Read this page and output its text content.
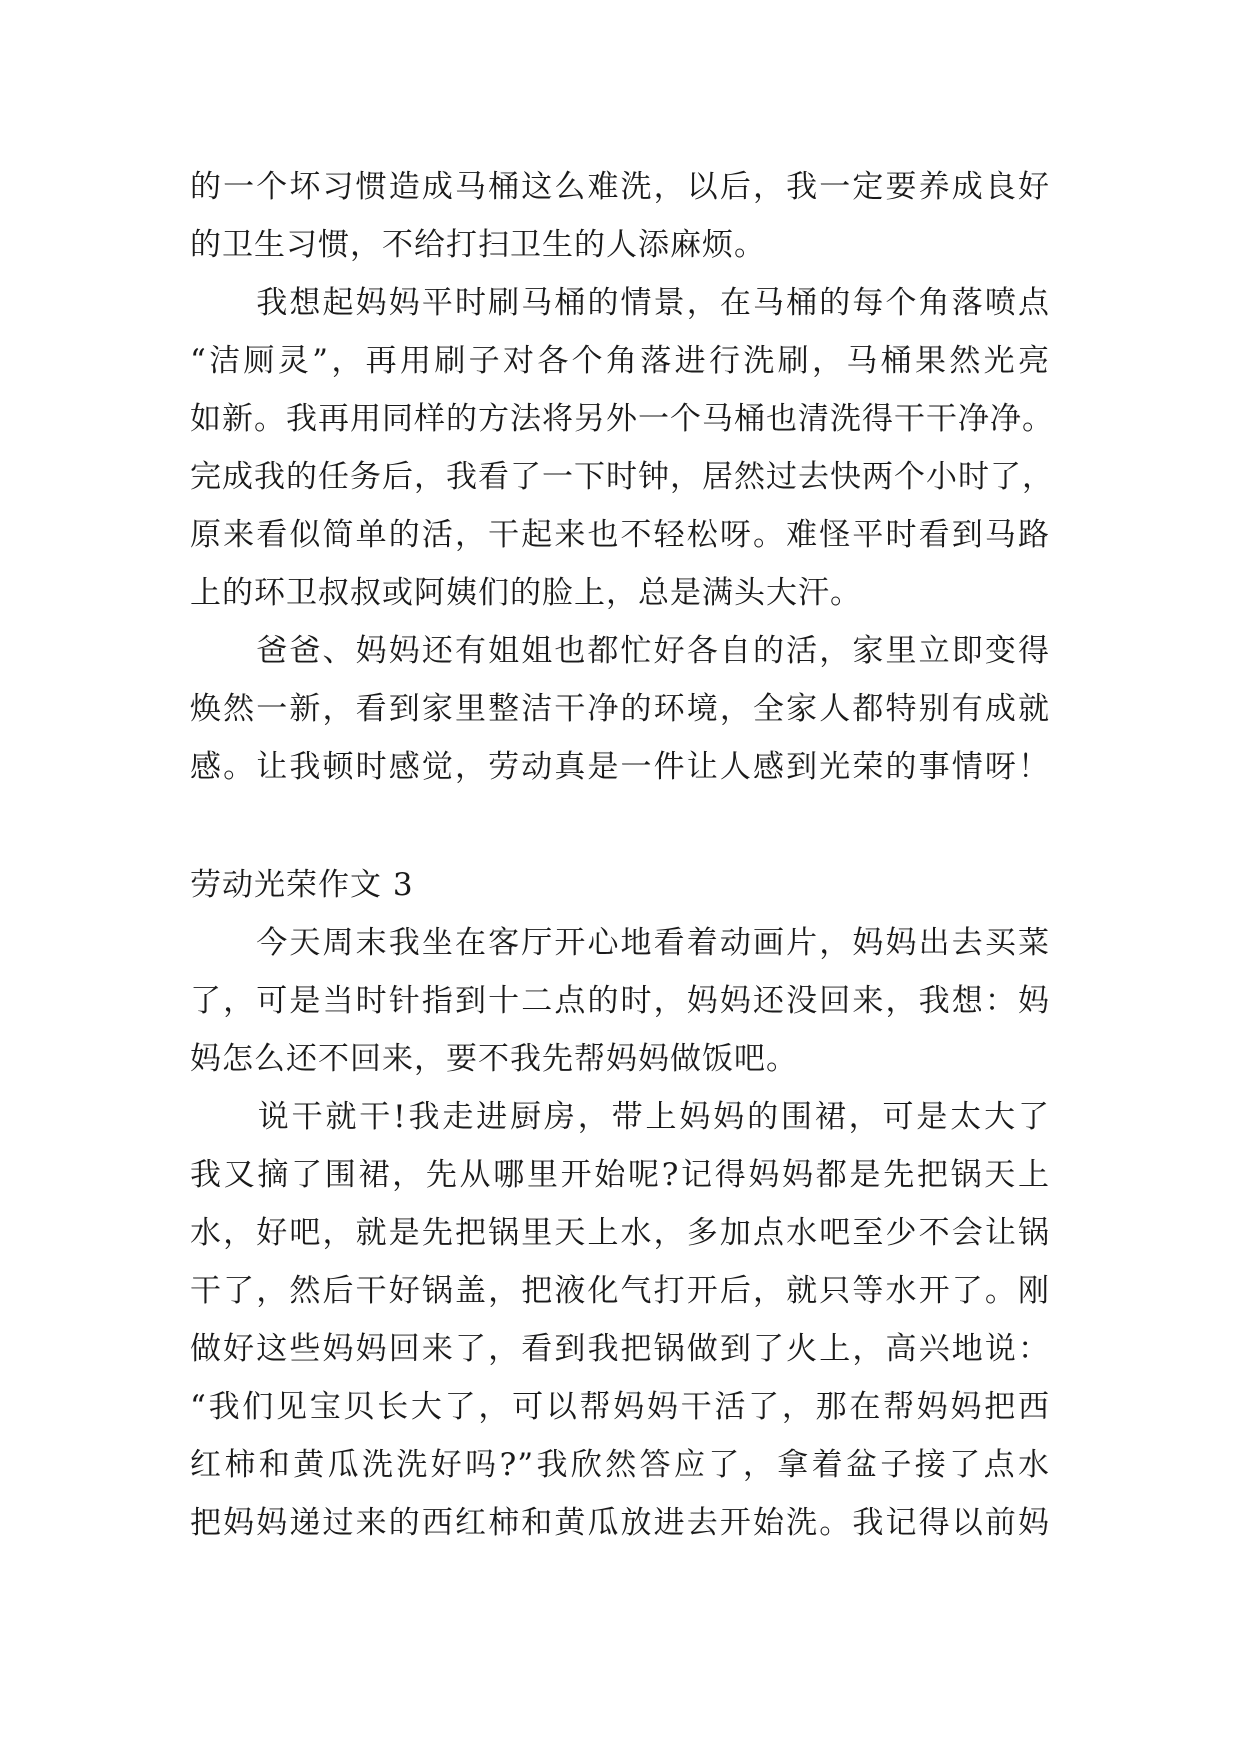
的一个坏习惯造成马桶这么难洗，以后，我一定要养成良好
的卫生习惯，不给打扫卫生的人添麻烦。
　　我想起妈妈平时刷马桶的情景，在马桶的每个角落喷点
“洁厕灵”，再用刷子对各个角落进行洗刷，马桶果然光亮
如新。我再用同样的方法将另外一个马桶也清洗得干干净净。
完成我的任务后，我看了一下时钟，居然过去快两个小时了，
原来看似简单的活，干起来也不轻松呀。难怪平时看到马路
上的环卫叔叔或阿姨们的脸上，总是满头大汗。
　　爸爸、妈妈还有姐姐也都忙好各自的活，家里立即变得
焕然一新，看到家里整洁干净的环境，全家人都特别有成就
感。让我顿时感觉，劳动真是一件让人感到光荣的事情呀！
劳动光荣作文 3
　　今天周末我坐在客厅开心地看着动画片，妈妈出去买菜
了，可是当时针指到十二点的时，妈妈还没回来，我想：妈
妈怎么还不回来，要不我先帮妈妈做饭吧。
　　说干就干!我走进厨房，带上妈妈的围裙，可是太大了
我又摘了围裙，先从哪里开始呢?记得妈妈都是先把锅天上
水，好吧，就是先把锅里天上水，多加点水吧至少不会让锅
干了，然后干好锅盖，把液化气打开后，就只等水开了。刚
做好这些妈妈回来了，看到我把锅做到了火上，高兴地说：
“我们见宝贝长大了，可以帮妈妈干活了，那在帮妈妈把西
红柿和黄瓜洗洗好吗?”我欣然答应了，拿着盆子接了点水
把妈妈递过来的西红柿和黄瓜放进去开始洗。我记得以前妈
